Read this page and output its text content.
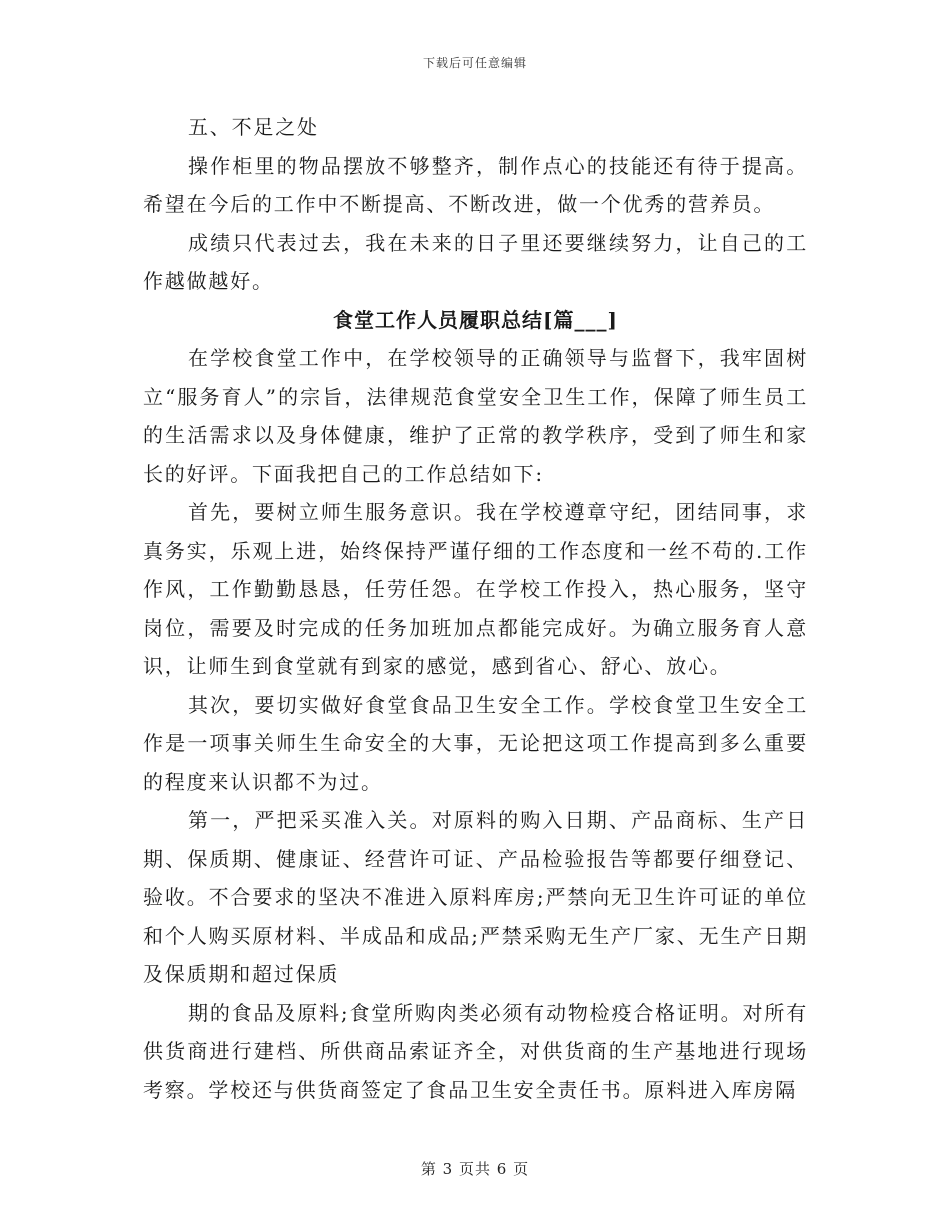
下载后可任意编辑

五、不足之处

操作柜里的物品摆放不够整齐，制作点心的技能还有待于提高。希望在今后的工作中不断提高、不断改进，做一个优秀的营养员。

成绩只代表过去，我在未来的日子里还要继续努力，让自己的工作越做越好。

食堂工作人员履职总结[篇___]

在学校食堂工作中，在学校领导的正确领导与监督下，我牢固树立“服务育人”的宗旨，法律规范食堂安全卫生工作，保障了师生员工的生活需求以及身体健康，维护了正常的教学秩序，受到了师生和家长的好评。下面我把自己的工作总结如下:

首先，要树立师生服务意识。我在学校遵章守纪，团结同事，求真务实，乐观上进，始终保持严谨仔细的工作态度和一丝不苟的.工作作风，工作勤勤恳恳，任劳任怨。在学校工作投入，热心服务，坚守岗位，需要及时完成的任务加班加点都能完成好。为确立服务育人意识，让师生到食堂就有到家的感觉，感到省心、舒心、放心。

其次，要切实做好食堂食品卫生安全工作。学校食堂卫生安全工作是一项事关师生生命安全的大事，无论把这项工作提高到多么重要的程度来认识都不为过。

第一，严把采买准入关。对原料的购入日期、产品商标、生产日期、保质期、健康证、经营许可证、产品检验报告等都要仔细登记、验收。不合要求的坚决不准进入原料库房;严禁向无卫生许可证的单位和个人购买原材料、半成品和成品;严禁采购无生产厂家、无生产日期及保质期和超过保质

期的食品及原料;食堂所购肉类必须有动物检疫合格证明。对所有供货商进行建档、所供商品索证齐全，对供货商的生产基地进行现场考察。学校还与供货商签定了食品卫生安全责任书。原料进入库房隔

第 3 页共 6 页
